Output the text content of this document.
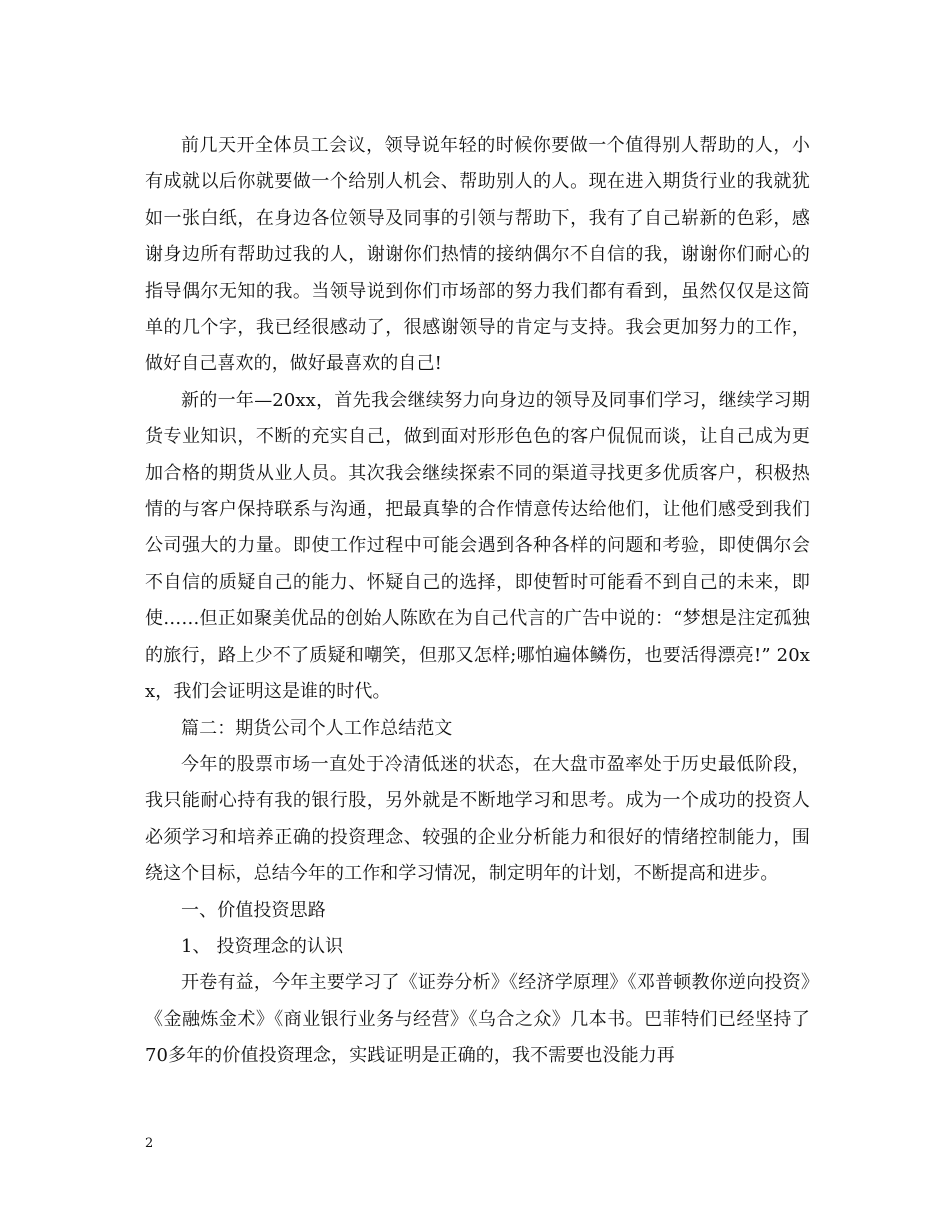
前几天开全体员工会议，领导说年轻的时候你要做一个值得别人帮助的人，小有成就以后你就要做一个给别人机会、帮助别人的人。现在进入期货行业的我就犹如一张白纸，在身边各位领导及同事的引领与帮助下，我有了自己崭新的色彩，感谢身边所有帮助过我的人，谢谢你们热情的接纳偶尔不自信的我，谢谢你们耐心的指导偶尔无知的我。当领导说到你们市场部的努力我们都有看到，虽然仅仅是这简单的几个字，我已经很感动了，很感谢领导的肯定与支持。我会更加努力的工作，做好自己喜欢的，做好最喜欢的自己!

新的一年—20xx，首先我会继续努力向身边的领导及同事们学习，继续学习期货专业知识，不断的充实自己，做到面对形形色色的客户侃侃而谈，让自己成为更加合格的期货从业人员。其次我会继续探索不同的渠道寻找更多优质客户，积极热情的与客户保持联系与沟通，把最真挚的合作情意传达给他们，让他们感受到我们公司强大的力量。即使工作过程中可能会遇到各种各样的问题和考验，即使偶尔会不自信的质疑自己的能力、怀疑自己的选择，即使暂时可能看不到自己的未来，即使……但正如聚美优品的创始人陈欧在为自己代言的广告中说的：“梦想是注定孤独的旅行，路上少不了质疑和嘲笑，但那又怎样;哪怕遍体鳞伤，也要活得漂亮!” 20xx，我们会证明这是谁的时代。

篇二：期货公司个人工作总结范文

今年的股票市场一直处于冷清低迷的状态，在大盘市盈率处于历史最低阶段，我只能耐心持有我的银行股，另外就是不断地学习和思考。成为一个成功的投资人必须学习和培养正确的投资理念、较强的企业分析能力和很好的情绪控制能力，围绕这个目标，总结今年的工作和学习情况，制定明年的计划，不断提高和进步。

一、价值投资思路

1、 投资理念的认识

开卷有益，今年主要学习了《证券分析》《经济学原理》《邓普顿教你逆向投资》《金融炼金术》《商业银行业务与经营》《乌合之众》几本书。巴菲特们已经坚持了 70多年的价值投资理念，实践证明是正确的，我不需要也没能力再

2
